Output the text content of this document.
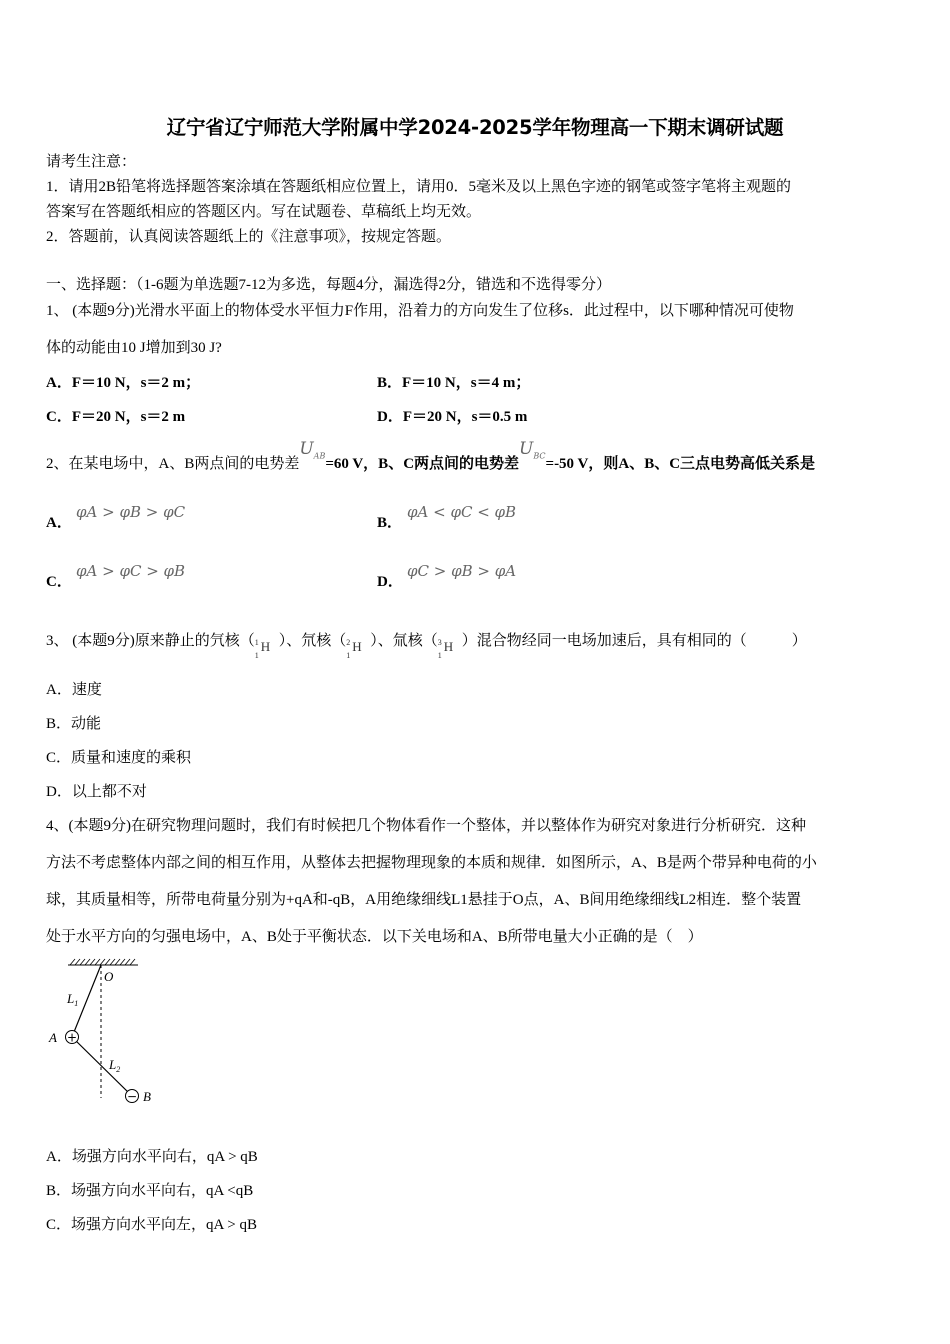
辽宁省辽宁师范大学附属中学2024-2025学年物理高一下期末调研试题
请考生注意：
1．请用2B铅笔将选择题答案涂填在答题纸相应位置上，请用0．5毫米及以上黑色字迹的钢笔或签字笔将主观题的
答案写在答题纸相应的答题区内。写在试题卷、草稿纸上均无效。
2．答题前，认真阅读答题纸上的《注意事项》，按规定答题。
一、选择题：（1-6题为单选题7-12为多选，每题4分，漏选得2分，错选和不选得零分）
1、 (本题9分)光滑水平面上的物体受水平恒力F作用，沿着力的方向发生了位移s．此过程中，以下哪种情况可使物
体的动能由10 J增加到30 J?
A．F＝10 N，s＝2 m；	B．F＝10 N，s＝4 m；
C．F＝20 N，s＝2 m	D．F＝20 N，s＝0.5 m
2、在某电场中，A、B两点间的电势差$U_{AB}=60$ V，B、C两点间的电势差$U_{BC}=-50$ V，则A、B、C三点电势高低关系是
A．
φA > φB > φC
B．
φA < φC < φB
C．
φA > φC > φB
D．
φC > φB > φA
3、 (本题9分)原来静止的氕核（ 1
1
H ）、氘核（ 2
1
H ）、氚核（ 3
1
H ）混合物经同一电场加速后，具有相同的（　　　）
A．速度
B．动能
C．质量和速度的乘积
D．以上都不对
4、(本题9分)在研究物理问题时，我们有时候把几个物体看作一个整体，并以整体作为研究对象进行分析研究．这种
方法不考虑整体内部之间的相互作用，从整体去把握物理现象的本质和规律．如图所示，A、B是两个带异种电荷的小
球，其质量相等，所带电荷量分别为+qA和-qB，A用绝缘细线L1悬挂于O点，A、B间用绝缘细线L2相连．整个装置
处于水平方向的匀强电场中，A、B处于平衡状态．以下关电场和A、B所带电量大小正确的是（　）
+
−
O
$L_1$
A
$L_2$
B
A．场强方向水平向右，qA > qB
B．场强方向水平向右，qA <qB
C．场强方向水平向左，qA > qB
